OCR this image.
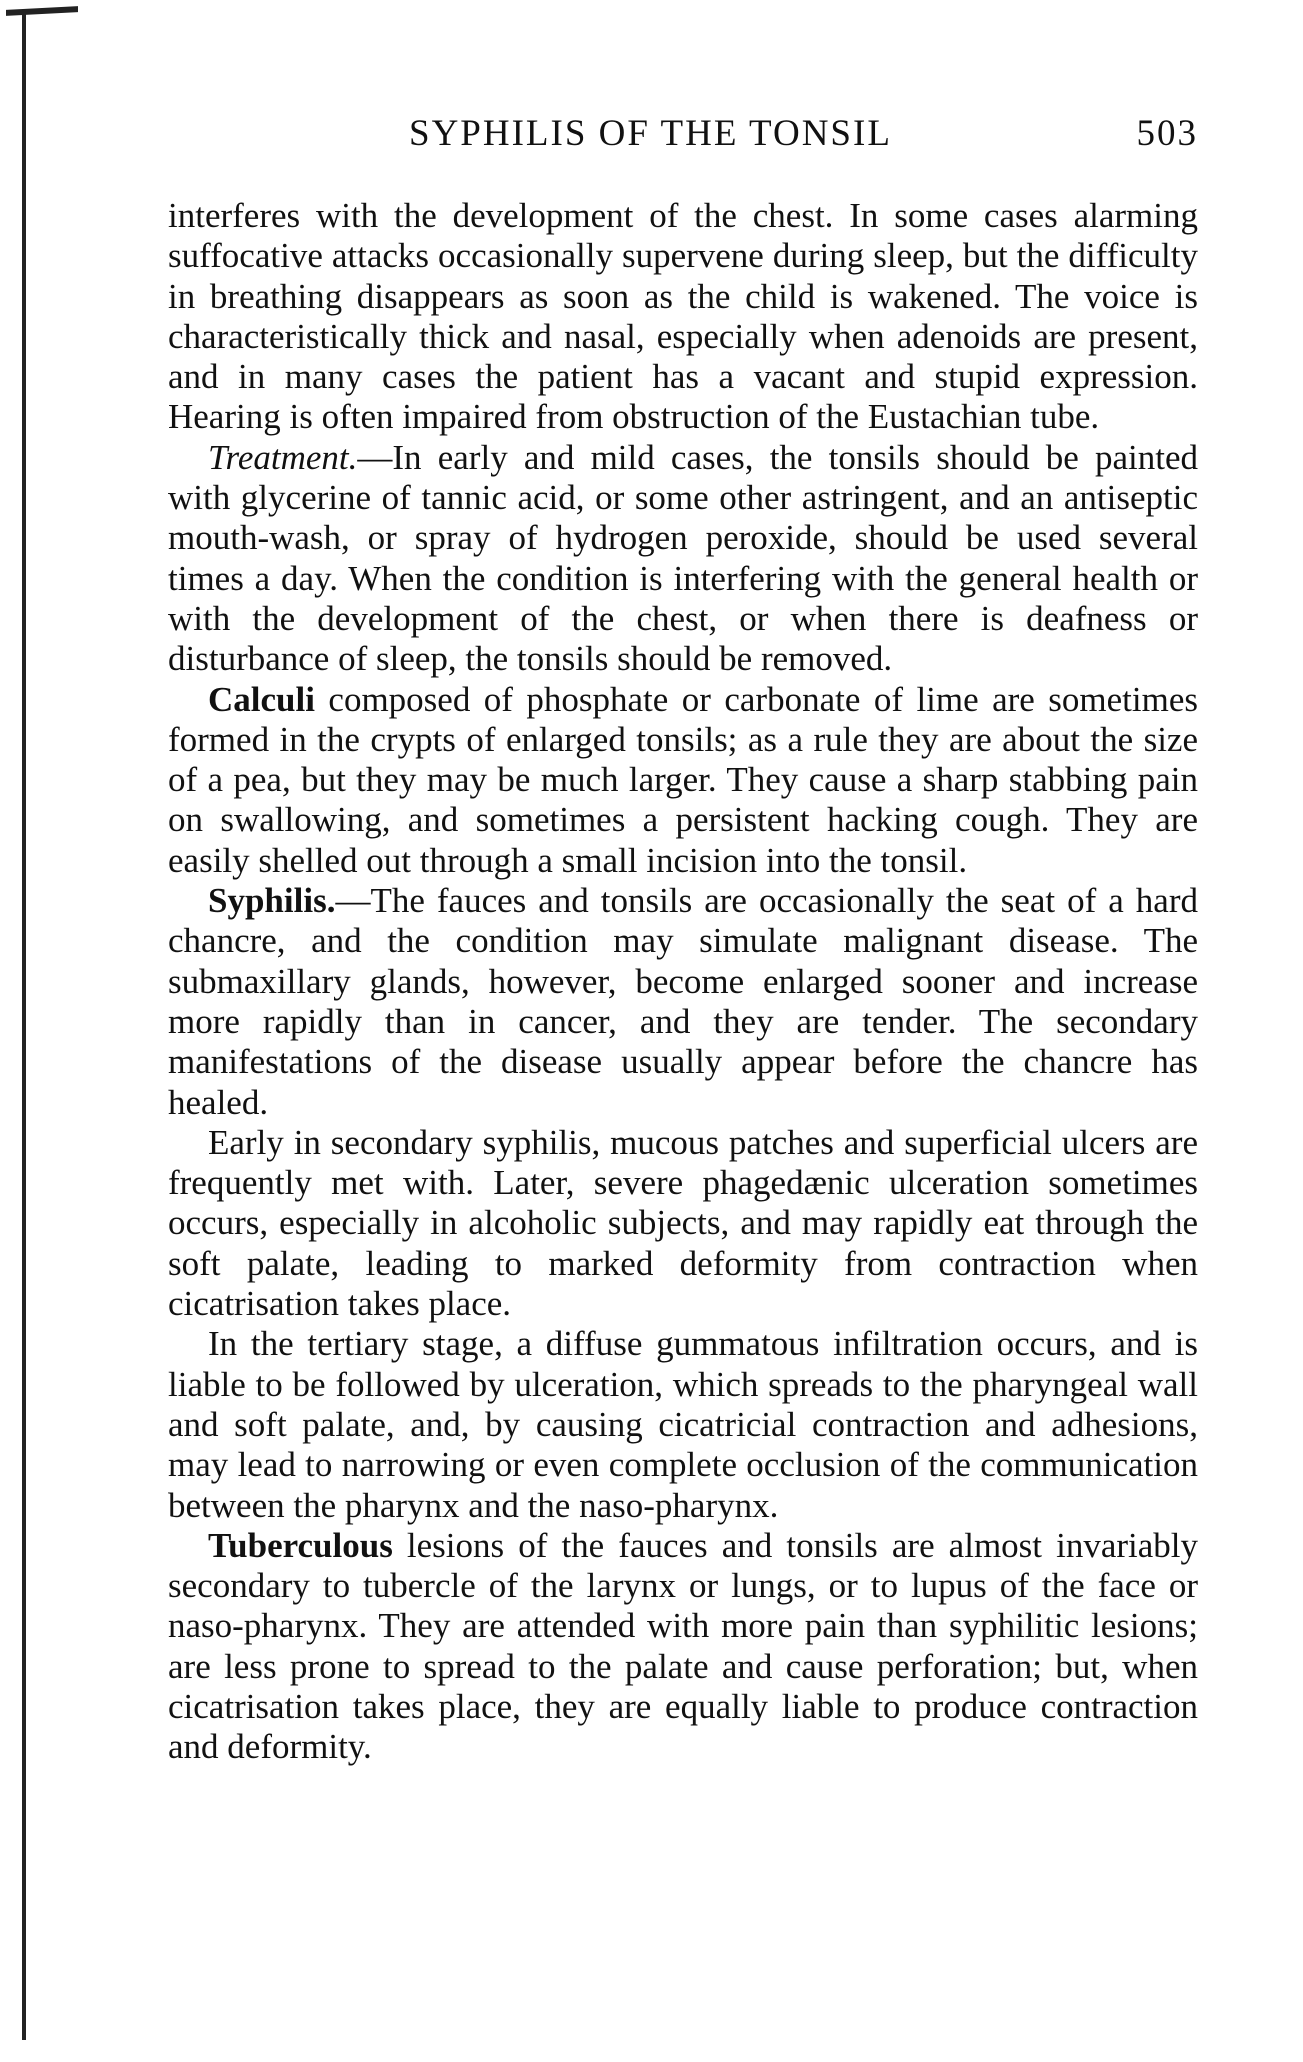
SYPHILIS OF THE TONSIL	503

interferes with the development of the chest. In some cases alarming suffocative attacks occasionally supervene during sleep, but the difficulty in breathing disappears as soon as the child is wakened. The voice is characteristically thick and nasal, especially when adenoids are present, and in many cases the patient has a vacant and stupid expression. Hearing is often impaired from obstruction of the Eustachian tube.

Treatment.—In early and mild cases, the tonsils should be painted with glycerine of tannic acid, or some other astringent, and an antiseptic mouth-wash, or spray of hydrogen peroxide, should be used several times a day. When the condition is interfering with the general health or with the development of the chest, or when there is deafness or disturbance of sleep, the tonsils should be removed.

Calculi composed of phosphate or carbonate of lime are sometimes formed in the crypts of enlarged tonsils; as a rule they are about the size of a pea, but they may be much larger. They cause a sharp stabbing pain on swallowing, and sometimes a persistent hacking cough. They are easily shelled out through a small incision into the tonsil.

Syphilis.—The fauces and tonsils are occasionally the seat of a hard chancre, and the condition may simulate malignant disease. The submaxillary glands, however, become enlarged sooner and increase more rapidly than in cancer, and they are tender. The secondary manifestations of the disease usually appear before the chancre has healed.

Early in secondary syphilis, mucous patches and superficial ulcers are frequently met with. Later, severe phagedænic ulceration sometimes occurs, especially in alcoholic subjects, and may rapidly eat through the soft palate, leading to marked deformity from contraction when cicatrisation takes place.

In the tertiary stage, a diffuse gummatous infiltration occurs, and is liable to be followed by ulceration, which spreads to the pharyngeal wall and soft palate, and, by causing cicatricial contraction and adhesions, may lead to narrowing or even complete occlusion of the communication between the pharynx and the naso-pharynx.

Tuberculous lesions of the fauces and tonsils are almost invariably secondary to tubercle of the larynx or lungs, or to lupus of the face or naso-pharynx. They are attended with more pain than syphilitic lesions; are less prone to spread to the palate and cause perforation; but, when cicatrisation takes place, they are equally liable to produce contraction and deformity.
